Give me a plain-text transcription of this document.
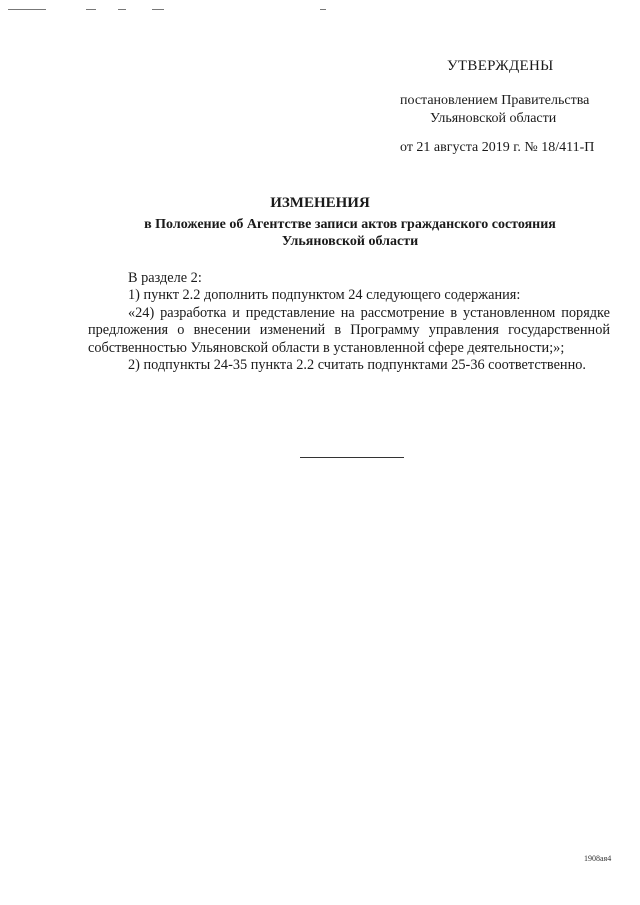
УТВЕРЖДЕНЫ
постановлением Правительства
Ульяновской области
от 21 августа 2019 г. № 18/411-П
ИЗМЕНЕНИЯ
в Положение об Агентстве записи актов гражданского состояния
Ульяновской области

В разделе 2:

1) пункт 2.2 дополнить подпунктом 24 следующего содержания:

«24) разработка и представление на рассмотрение в установленном порядке предложения о внесении изменений в Программу управления государственной собственностью Ульяновской области в установленной сфере деятельности;»;

2) подпункты 24-35 пункта 2.2 считать подпунктами 25-36 соответственно.

1908ая4
